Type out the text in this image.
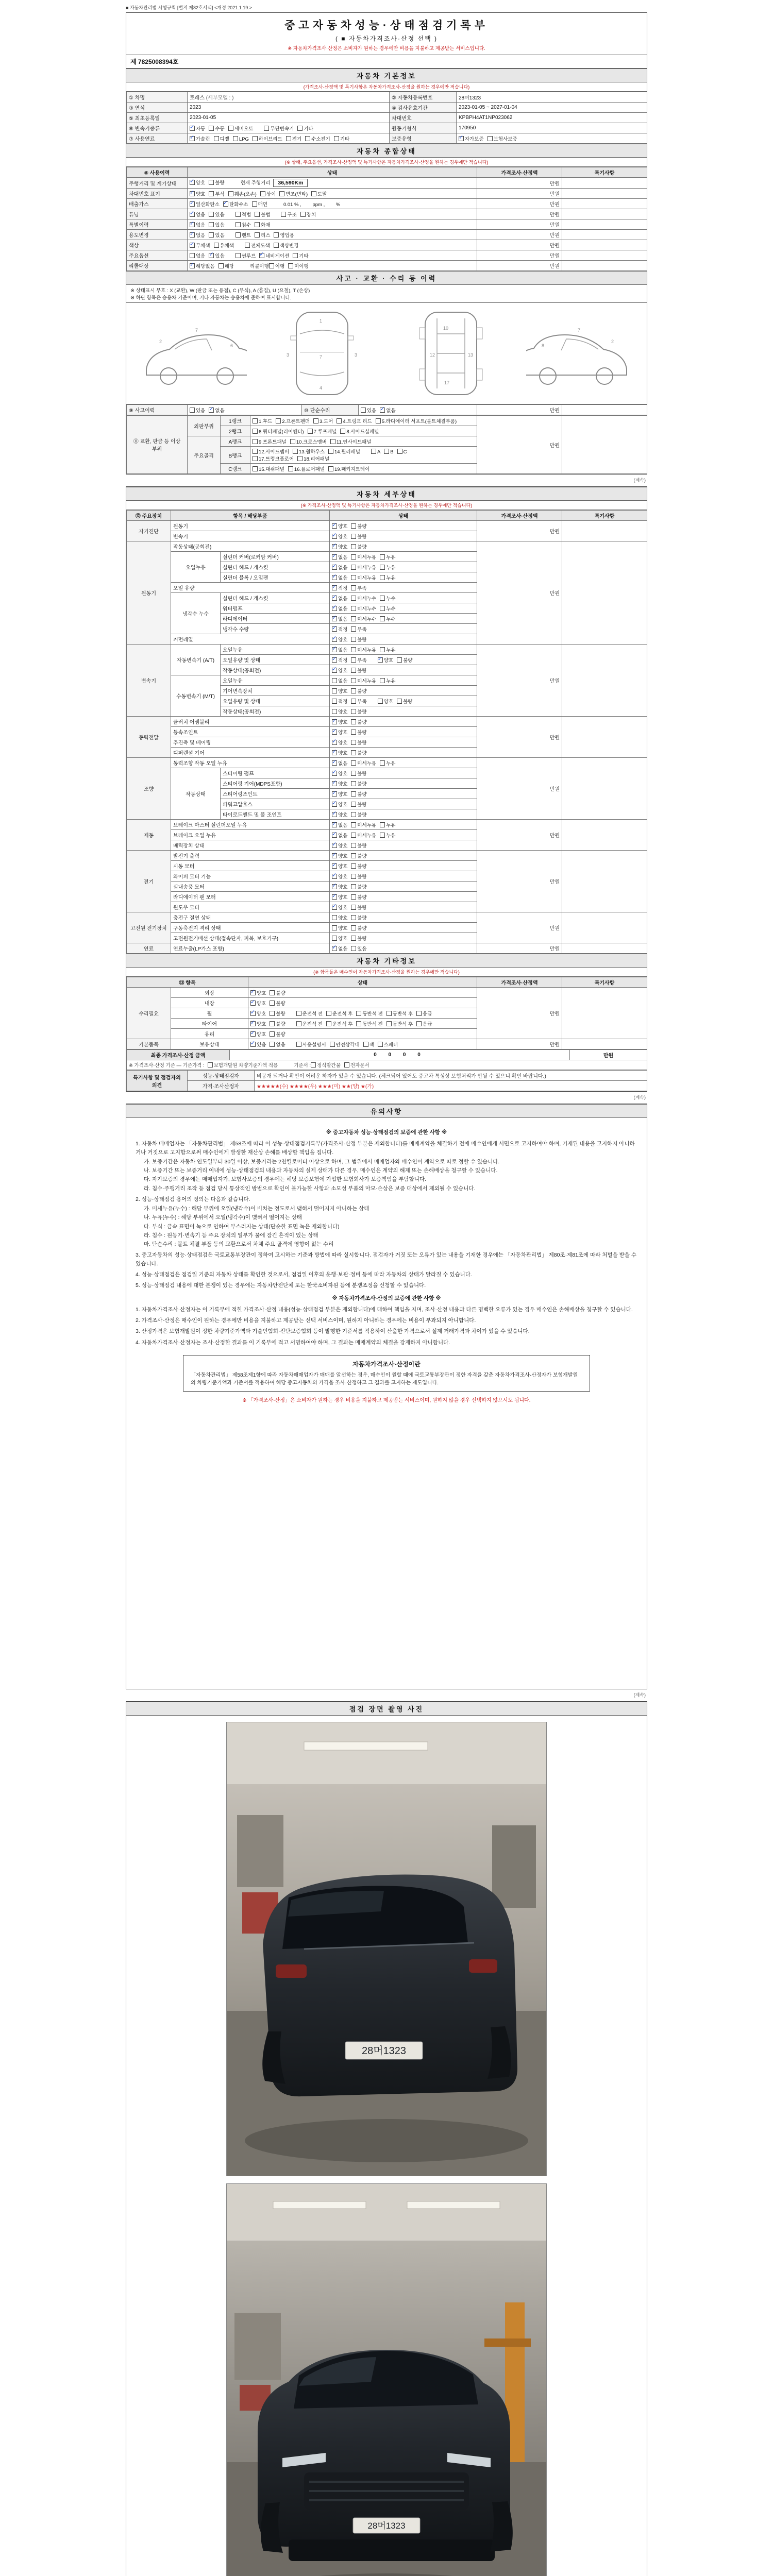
■ 자동차관리법 시행규칙 [별지 제82호서식] <개정 2021.1.19.>
중고자동차성능·상태점검기록부
( ■ 자동차가격조사·산정 선택 )
※ 자동차가격조사·산정은 소비자가 원하는 경우에만 비용을 지불하고 제공받는 서비스입니다.
제 7825008394호
자동차 기본정보
(가격조사·산정액 및 특기사항은 자동차가격조사·산정을 원하는 경우에만 적습니다)
① 차명	토레스 (세부모델 : )	② 자동차등록번호	28머1323
③ 연식	2023	④ 검사유효기간	2023-01-05 ~ 2027-01-04
⑤ 최초등록일	2023-01-05	차대번호	KPBPH4AT1NP023062
⑥ 변속기종류	✓자동 수동 세미오토 무단변속기 기타	원동기형식	170950
⑦ 사용연료	✓가솔린 디젤 LPG 하이브리드 전기 수소전기 기타	보증유형	✓자가보증 보험사보증
자동차 종합상태
(※ 상태, 주요옵션, 가격조사·산정액 및 특기사항은 자동차가격조사·산정을 원하는 경우에만 적습니다)
⑧ 사용이력	상태	가격조사·산정액	특기사항
주행거리 및 계기상태	✓양호 불량 현재 주행거리 36,590Km	만원	
차대번호 표기	✓양호 부식 훼손(오손) 상이 변조(변타) 도말	만원	
배출가스	✓일산화탄소 ✓ 탄화수소 매연 0.01 % ,　　 ppm ,　　 %	만원	
튜닝	✓없음 있음 적법 불법 구조 장치	만원	
특별이력	✓없음 있음 침수 화재	만원	
용도변경	✓없음 있음 렌트 리스 영업용	만원	
색상	✓무채색 유채색 전체도색 색상변경	만원	
주요옵션	없음 ✓ 있음 썬루프 ✓ 네비게이션 기타	만원	
리콜대상	✓해당없음 해당 리콜이행 이행 미이행	만원	
사고 · 교환 · 수리 등 이력
※ 상태표시 부호 : X (교환), W (판금 또는 용접), C (부식), A (흠집), U (요철), T (손상)
※ 하단 항목은 승용차 기준이며, 기타 자동차는 승용차에 준하여 표시합니다.
2
7
6
1
7
4
3	3
10
12	13
17
8
7
2
⑨ 사고이력	있음 ✓ 없음	⑩ 단순수리	있음 ✓ 없음	만원	
⑪ 교환, 판금 등 이상 부위	외판부위	1랭크	1.후드 2.프론트펜더 3.도어 4.트렁크 리드 5.라디에이터 서포트(볼트체결부품)	만원	
		2랭크	6.쿼터패널(리어펜더) 7.루프패널 8.사이드실패널		
	주요골격	A랭크	9.프론트패널 10.크로스멤버 11.인사이드패널		
		B랭크	12.사이드멤버 13.휠하우스 14.필러패널 A B C17.트렁크플로어 18.리어패널		
		C랭크	15.대쉬패널 16.플로어패널 19.패키지트레이		
(계속)
자동차 세부상태
(※ 가격조사·산정액 및 특기사항은 자동차가격조사·산정을 원하는 경우에만 적습니다)
⑫ 주요장치	항목 / 해당부품		상태	가격조사·산정액	특기사항
자기진단	원동기	✓양호 불량	만원	
	변속기	✓양호 불량
원동기	작동상태(공회전)	✓양호 불량	만원	
	오일누유	실린더 커버(로커암 커버)	✓없음 미세누유 누유
		실린더 헤드 / 개스킷	✓없음 미세누유 누유
		실린더 블록 / 오일팬	✓없음 미세누유 누유
	오일 유량	✓적정 부족
	냉각수 누수	실린더 헤드 / 개스킷	✓없음 미세누수 누수
		워터펌프	✓없음 미세누수 누수
		라디에이터	✓없음 미세누수 누수
		냉각수 수량	✓적정 부족
	커먼레일	✓양호 불량
변속기	자동변속기 (A/T)	오일누유	✓없음 미세누유 누유	만원	
		오일유량 및 상태	✓적정 부족 ✓ 양호 불량
		작동상태(공회전)	✓양호 불량
	수동변속기 (M/T)	오일누유	없음 미세누유 누유		
		기어변속장치	양호 불량		
		오일유량 및 상태	적정 부족 양호 불량		
		작동상태(공회전)	양호 불량		
동력전달	클러치 어셈블리	✓양호 불량	만원	
	등속조인트	✓양호 불량
	추진축 및 베어링	✓양호 불량
	디퍼렌셜 기어	✓양호 불량
조향	동력조향 작동 오일 누유	✓없음 미세누유 누유	만원	
	작동상태	스티어링 펌프	✓양호 불량
		스티어링 기어(MDPS포함)	✓양호 불량
		스티어링조인트	✓양호 불량
		파워고압호스	✓양호 불량
		타이로드엔드 및 볼 조인트	✓양호 불량
제동	브레이크 마스터 실린더오일 누유	✓없음 미세누유 누유	만원	
	브레이크 오일 누유	✓없음 미세누유 누유
	배력장치 상태	✓양호 불량
전기	발전기 출력	✓양호 불량	만원	
	시동 모터	✓양호 불량
	와이퍼 모터 기능	✓양호 불량
	실내송풍 모터	✓양호 불량
	라디에이터 팬 모터	✓양호 불량
	윈도우 모터	✓양호 불량
고전원 전기장치	충전구 절연 상태		양호 불량	만원	
	구동축전지 격리 상태		양호 불량		
	고전원전기배선 상태(접속단자, 피복, 보호기구)		양호 불량		
연료	연료누출(LP가스 포함)	✓없음 있음	만원	
자동차 기타정보
(※ 항목들은 매수인이 자동차가격조사·산정을 원하는 경우에만 적습니다)
⑬ 항목		상태	가격조사·산정액	특기사항
수리필요	외장	✓양호 불량	만원	
	내장	✓양호 불량
	휠	✓양호 불량 운전석 전 운전석 후 동반석 전 동반석 후 응급
	타이어	✓양호 불량 운전석 전 운전석 후 동반석 전 동반석 후 응급
	유리	✓양호 불량
기본품목	보유상태	✓있음 없음 사용설명서 안전삼각대 잭 스패너	만원	
최종 가격조사·산정 금액	0 0 0 0	만원
※ 가격조사·산정 기준 — 기준가격 : 보험개발원 차량기준가액 적용	기준서 : 정식발간물 전자문서
특기사항 및 점검자의 의견	성능·상태점검자	비공개 되거나 확인이 어려운 하자가 있을 수 있습니다. (체크되어 있어도 중고차 특성상 보험처리가 안될 수 있으니 확인 바랍니다.)
	가격·조사산정자	★★★★★(수) ★★★★(우) ★★★(미) ★★(양) ★(가)
(계속)
유의사항
※ 중고자동차 성능·상태점검의 보증에 관한 사항 ※
1. 자동차 매매업자는 「자동차관리법」 제58조에 따라 이 성능·상태점검기록부(가격조사·산정 부분은 제외합니다)를 매매계약을 체결하기 전에 매수인에게 서면으로 고지하여야 하며, 기재된 내용을 고지하지 아니하거나 거짓으로 고지함으로써 매수인에게 발생한 재산상 손해를 배상할 책임을 집니다.
가. 보증기간은 자동차 인도일부터 30일 이상, 보증거리는 2천킬로미터 이상으로 하며, 그 범위에서 매매업자와 매수인이 계약으로 따로 정할 수 있습니다.
나. 보증기간 또는 보증거리 이내에 성능·상태점검의 내용과 자동차의 실제 상태가 다른 경우, 매수인은 계약의 해제 또는 손해배상을 청구할 수 있습니다.
다. 자가보증의 경우에는 매매업자가, 보험사보증의 경우에는 해당 보증보험에 가입한 보험회사가 보증책임을 부담합니다.
라. 침수·주행거리 조작 등 점검 당시 통상적인 방법으로 확인이 불가능한 사항과 소모성 부품의 마모·손상은 보증 대상에서 제외될 수 있습니다.
2. 성능·상태점검 용어의 정의는 다음과 같습니다.
가. 미세누유(누수) : 해당 부위에 오일(냉각수)이 비치는 정도로서 맺혀서 떨어지지 아니하는 상태
나. 누유(누수) : 해당 부위에서 오일(냉각수)이 맺혀서 떨어지는 상태
다. 부식 : 금속 표면이 녹으로 인하여 부스러지는 상태(단순한 표면 녹은 제외합니다)
라. 침수 : 원동기·변속기 등 주요 장치의 일부가 물에 잠긴 흔적이 있는 상태
마. 단순수리 : 볼트 체결 부품 등의 교환으로서 차체 주요 골격에 영향이 없는 수리
3. 중고자동차의 성능·상태점검은 국토교통부장관이 정하여 고시하는 기준과 방법에 따라 실시합니다. 점검자가 거짓 또는 오류가 있는 내용을 기재한 경우에는 「자동차관리법」 제80조·제81조에 따라 처벌을 받을 수 있습니다.
4. 성능·상태점검은 점검일 기준의 자동차 상태를 확인한 것으로서, 점검일 이후의 운행·보관·정비 등에 따라 자동차의 상태가 달라질 수 있습니다.
5. 성능·상태점검 내용에 대한 분쟁이 있는 경우에는 자동차안전단체 또는 한국소비자원 등에 분쟁조정을 신청할 수 있습니다.
※ 자동차가격조사·산정의 보증에 관한 사항 ※
1. 자동차가격조사·산정자는 이 기록부에 적힌 가격조사·산정 내용(성능·상태점검 부분은 제외합니다)에 대하여 책임을 지며, 조사·산정 내용과 다른 명백한 오류가 있는 경우 매수인은 손해배상을 청구할 수 있습니다.
2. 가격조사·산정은 매수인이 원하는 경우에만 비용을 지불하고 제공받는 선택 서비스이며, 원하지 아니하는 경우에는 비용이 부과되지 아니합니다.
3. 산정가격은 보험개발원이 정한 차량기준가액과 기술인협회·진단보증협회 등이 발행한 기준서를 적용하여 산출한 가격으로서 실제 거래가격과 차이가 있을 수 있습니다.
4. 자동차가격조사·산정자는 조사·산정한 결과를 이 기록부에 적고 서명하여야 하며, 그 결과는 매매계약의 체결을 강제하지 아니합니다.
자동차가격조사·산정이란
「자동차관리법」 제58조제1항에 따라 자동차매매업자가 매매를 알선하는 경우, 매수인이 원할 때에 국토교통부장관이 정한 자격을 갖춘 자동차가격조사·산정자가 보험개발원의 차량기준가액과 기준서를 적용하여 해당 중고자동차의 가격을 조사·산정하고 그 결과를 고지하는 제도입니다.
※ 「가격조사·산정」은 소비자가 원하는 경우 비용을 지불하고 제공받는 서비스이며, 원하지 않을 경우 선택하지 않으셔도 됩니다.
(계속)
점검 장면 촬영 사진
28머1323
28머1323
